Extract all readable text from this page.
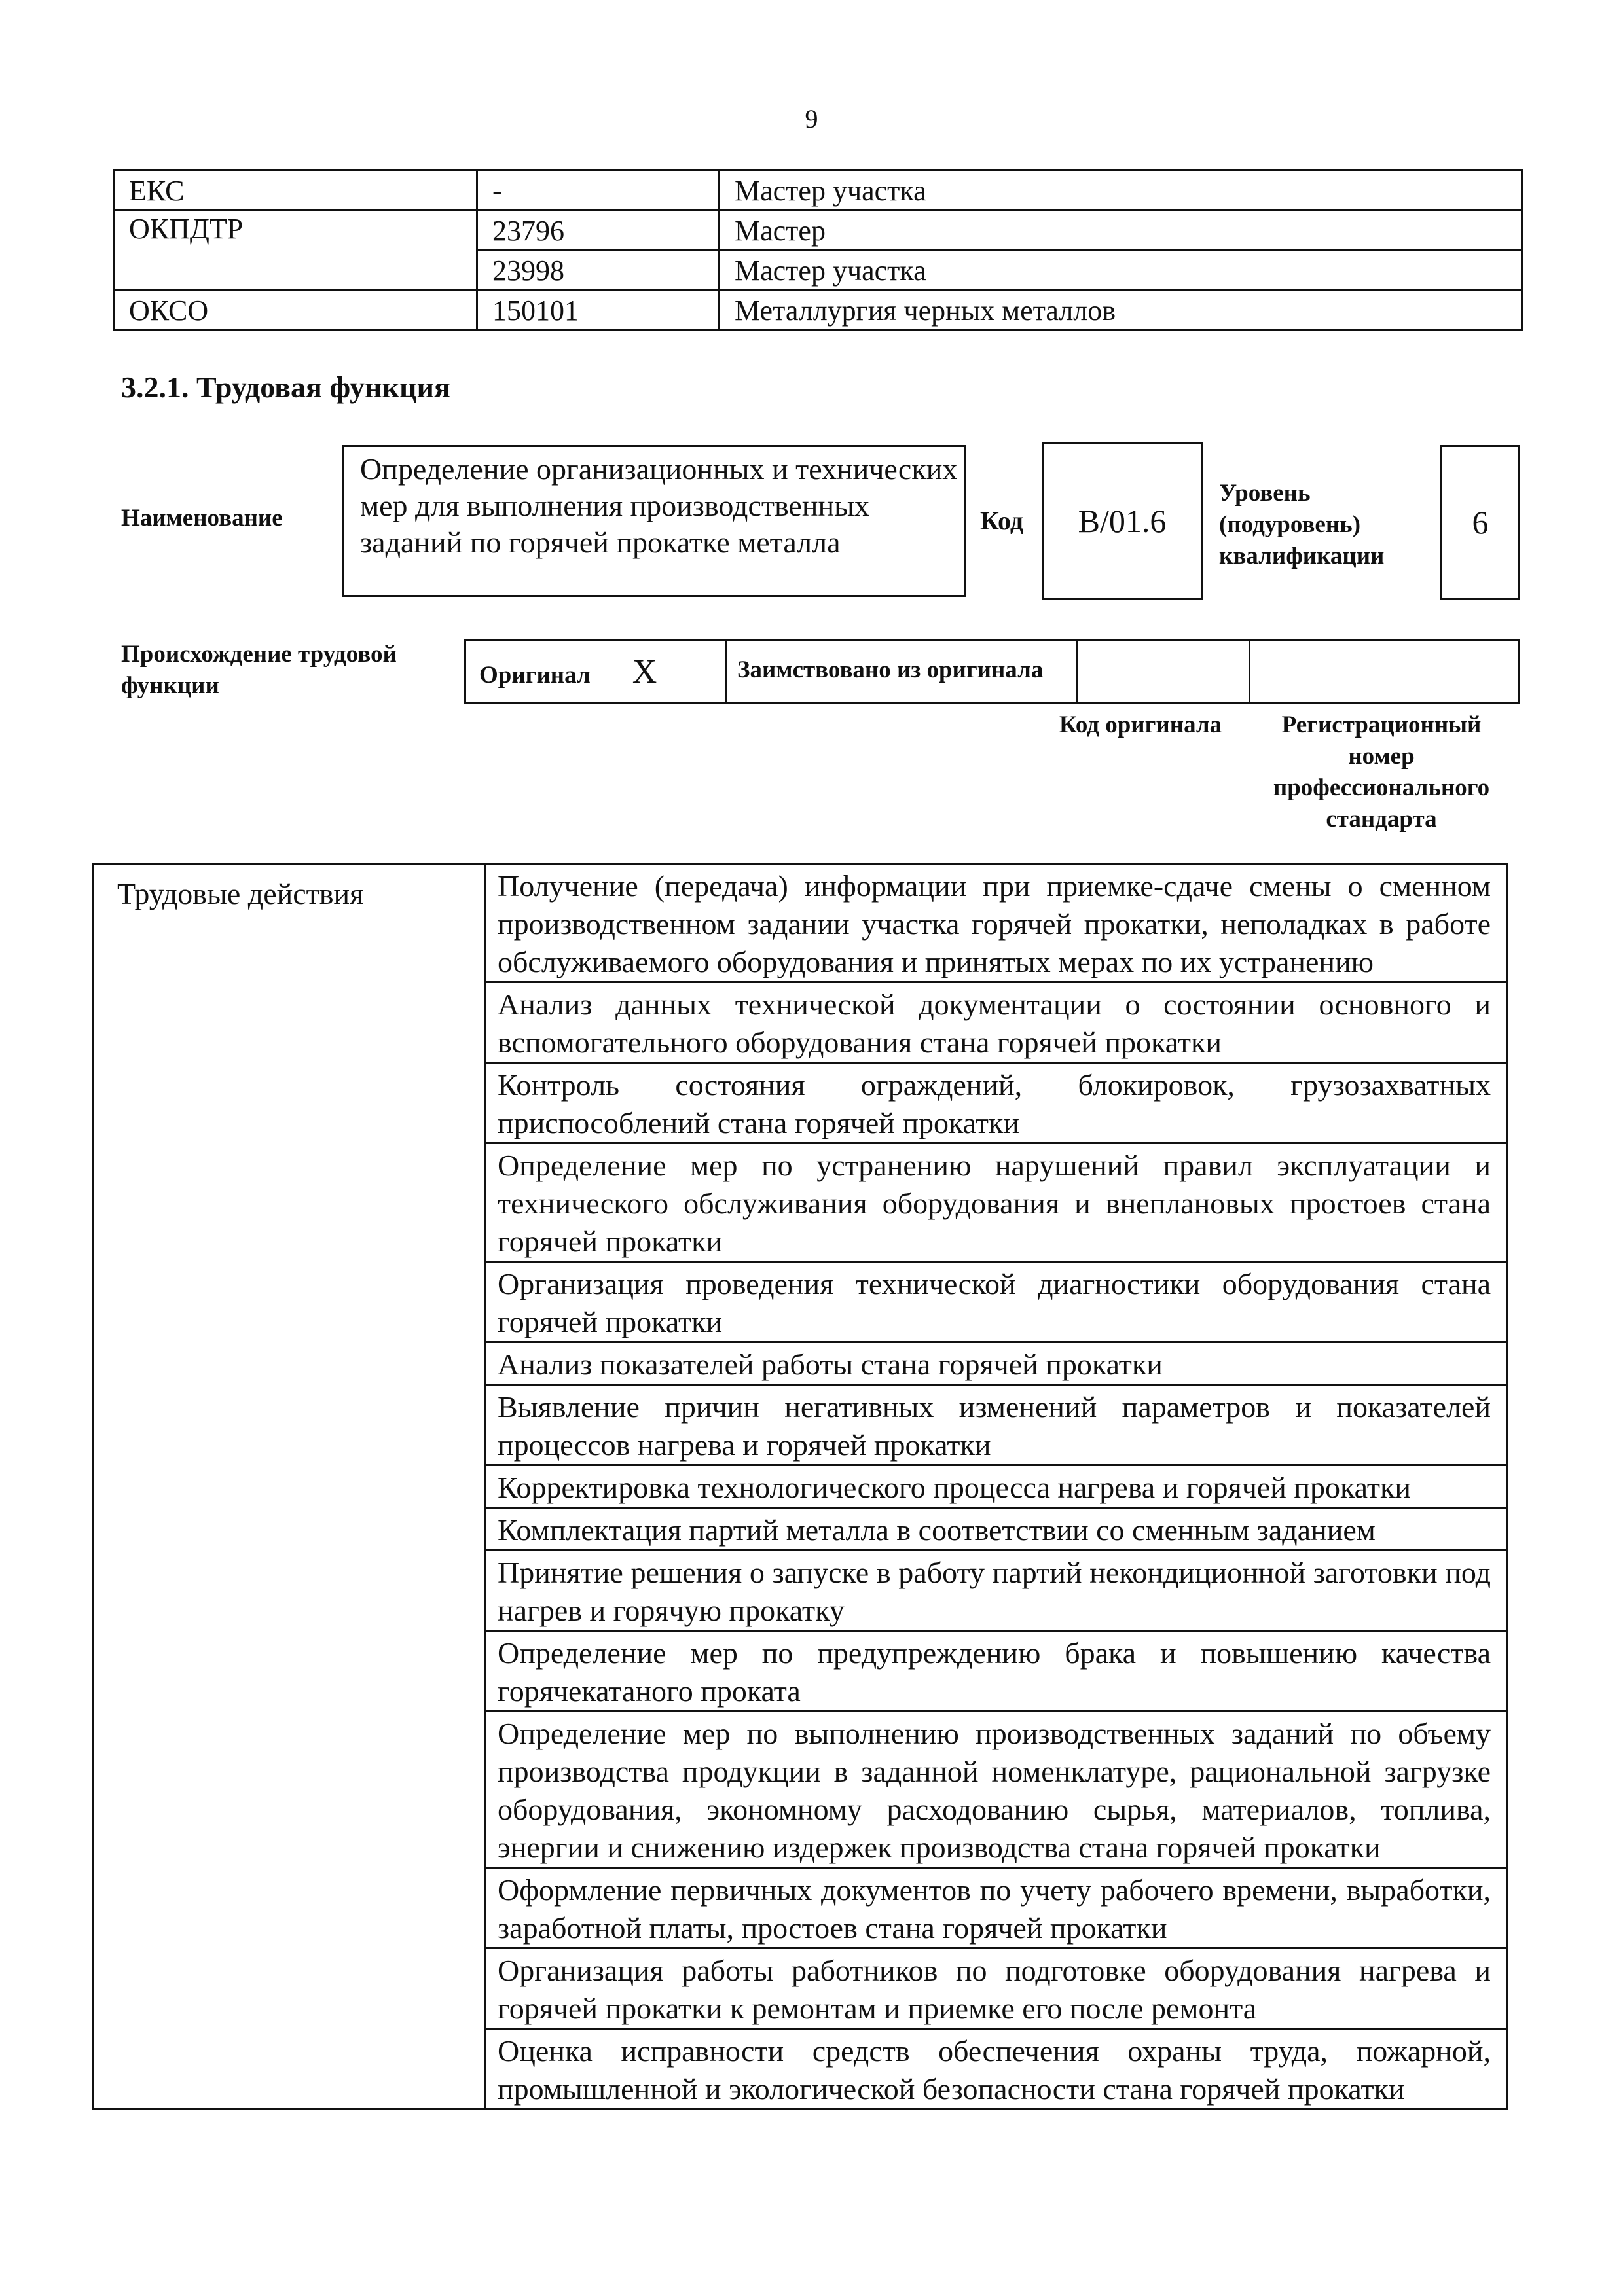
9
ЕКС	-	Мастер участка
ОКПДТР	23796	Мастер
	23998	Мастер участка
ОКСО	150101	Металлургия черных металлов
3.2.1. Трудовая функция
Наименование
Определение организационных и технических мер для выполнения производственных заданий по горячей прокатке металла
Код B/01.6
Уровень (подуровень) квалификации
6
Происхождение трудовой функции	Оригинал X	Заимствовано из оригинала		
Код оригинала	Регистрационный номер профессионального стандарта
Трудовые действия	Получение (передача) информации при приемке-сдаче смены о сменном производственном задании участка горячей прокатки, неполадках в работе обслуживаемого оборудования и принятых мерах по их устранению
Анализ данных технической документации о состоянии основного и вспомогательного оборудования стана горячей прокатки
Контроль состояния ограждений, блокировок, грузозахватных приспособлений стана горячей прокатки
Определение мер по устранению нарушений правил эксплуатации и технического обслуживания оборудования и внеплановых простоев стана горячей прокатки
Организация проведения технической диагностики оборудования стана горячей прокатки
Анализ показателей работы стана горячей прокатки
Выявление причин негативных изменений параметров и показателей процессов нагрева и горячей прокатки
Корректировка технологического процесса нагрева и горячей прокатки
Комплектация партий металла в соответствии со сменным заданием
Принятие решения о запуске в работу партий некондиционной заготовки под нагрев и горячую прокатку
Определение мер по предупреждению брака и повышению качества горячекатаного проката
Определение мер по выполнению производственных заданий по объему производства продукции в заданной номенклатуре, рациональной загрузке оборудования, экономному расходованию сырья, материалов, топлива, энергии и снижению издержек производства стана горячей прокатки
Оформление первичных документов по учету рабочего времени, выработки, заработной платы, простоев стана горячей прокатки
Организация работы работников по подготовке оборудования нагрева и горячей прокатки к ремонтам и приемке его после ремонта
Оценка исправности средств обеспечения охраны труда, пожарной, промышленной и экологической безопасности стана горячей прокатки
